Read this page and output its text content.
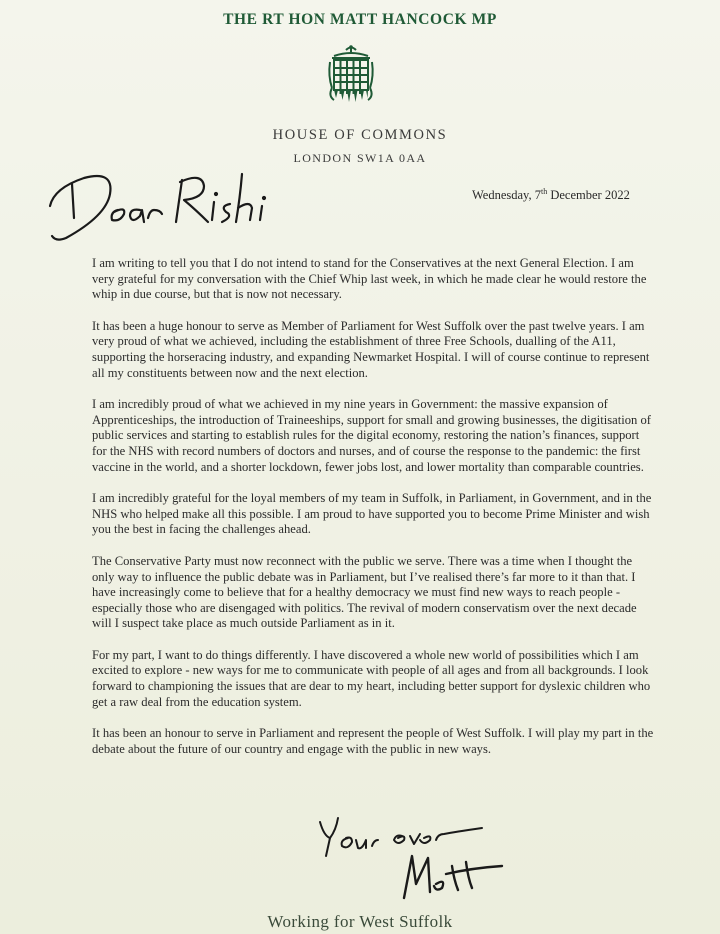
THE RT HON MATT HANCOCK MP
HOUSE OF COMMONS
LONDON SW1A 0AA
Wednesday, 7th December 2022

I am writing to tell you that I do not intend to stand for the Conservatives at the next General Election. I am very grateful for my conversation with the Chief Whip last week, in which he made clear he would restore the whip in due course, but that is now not necessary.

It has been a huge honour to serve as Member of Parliament for West Suffolk over the past twelve years. I am very proud of what we achieved, including the establishment of three Free Schools, dualling of the A11, supporting the horseracing industry, and expanding Newmarket Hospital. I will of course continue to represent all my constituents between now and the next election.

I am incredibly proud of what we achieved in my nine years in Government: the massive expansion of Apprenticeships, the introduction of Traineeships, support for small and growing businesses, the digitisation of public services and starting to establish rules for the digital economy, restoring the nation’s finances, support for the NHS with record numbers of doctors and nurses, and of course the response to the pandemic: the first vaccine in the world, and a shorter lockdown, fewer jobs lost, and lower mortality than comparable countries.

I am incredibly grateful for the loyal members of my team in Suffolk, in Parliament, in Government, and in the NHS who helped make all this possible. I am proud to have supported you to become Prime Minister and wish you the best in facing the challenges ahead.

The Conservative Party must now reconnect with the public we serve. There was a time when I thought the only way to influence the public debate was in Parliament, but I’ve realised there’s far more to it than that. I have increasingly come to believe that for a healthy democracy we must find new ways to reach people - especially those who are disengaged with politics. The revival of modern conservatism over the next decade will I suspect take place as much outside Parliament as in it.

For my part, I want to do things differently. I have discovered a whole new world of possibilities which I am excited to explore - new ways for me to communicate with people of all ages and from all backgrounds. I look forward to championing the issues that are dear to my heart, including better support for dyslexic children who get a raw deal from the education system.

It has been an honour to serve in Parliament and represent the people of West Suffolk. I will play my part in the debate about the future of our country and engage with the public in new ways.

Working for West Suffolk
